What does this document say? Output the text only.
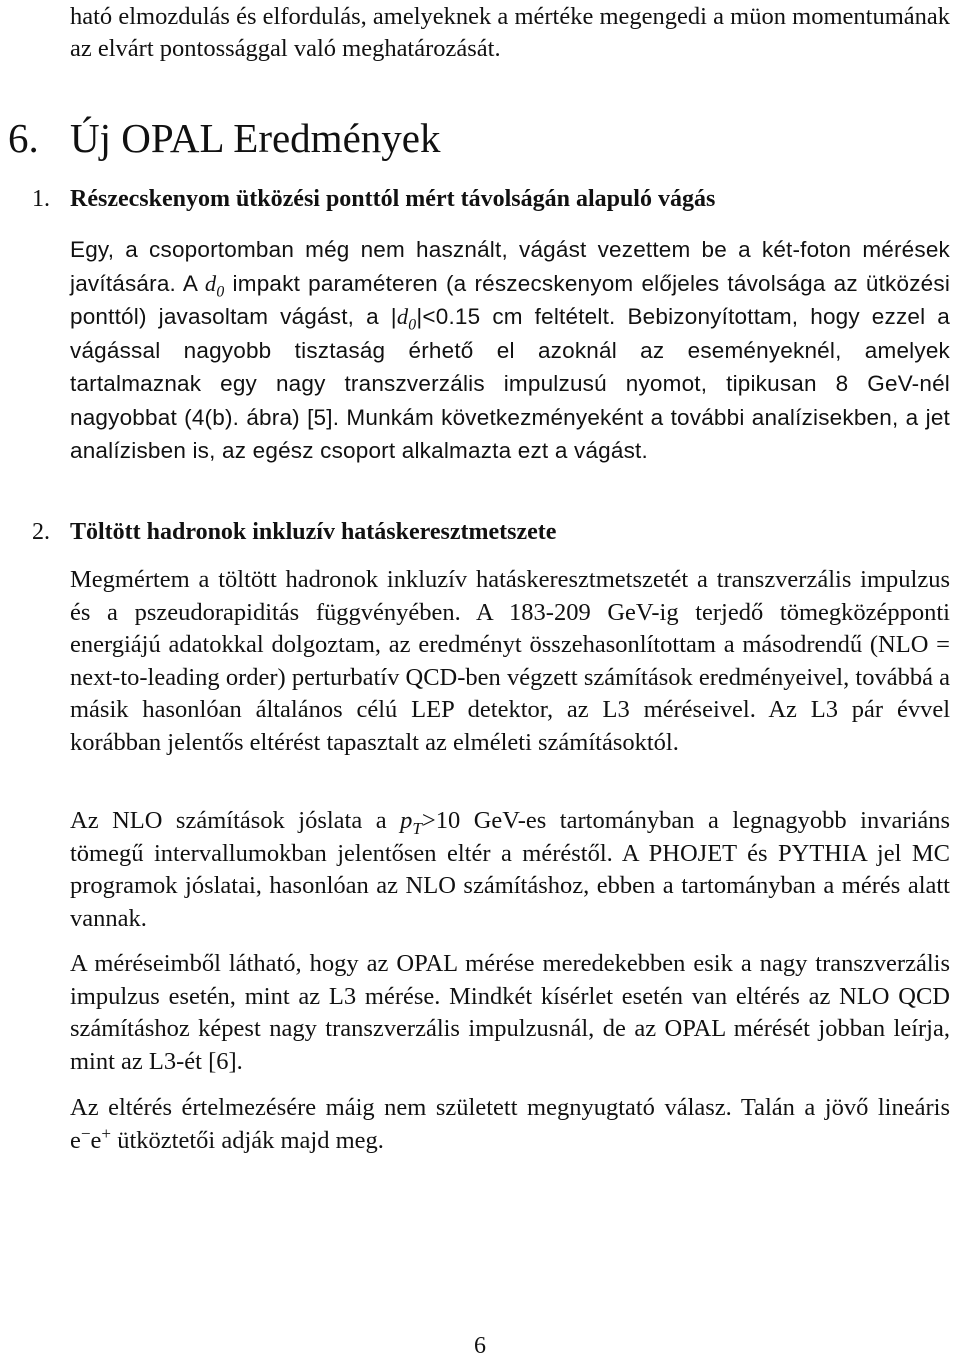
ható elmozdulás és elfordulás, amelyeknek a mértéke megengedi a müon momentumának az elvárt pontossággal való meghatározását.

6. Új OPAL Eredmények
1. Részecskenyom ütközési ponttól mért távolságán alapuló vágás

Egy, a csoportomban még nem használt, vágást vezettem be a két-foton mérések javítására. A $d_0$ impakt paraméteren (a részecskenyom előjeles távolsága az ütközési ponttól) javasoltam vágást, a $|d_0|<0.15$ cm feltételt. Bebizonyítottam, hogy ezzel a vágással nagyobb tisztaság érhető el azoknál az eseményeknél, amelyek tartalmaznak egy nagy transzverzális impulzusú nyomot, tipikusan 8 GeV-nél nagyobbat (4(b). ábra) [5]. Munkám következményeként a további analízisekben, a jet analízisben is, az egész csoport alkalmazta ezt a vágást.

2. Töltött hadronok inkluzív hatáskeresztmetszete

Megmértem a töltött hadronok inkluzív hatáskeresztmetszetét a transzverzális impulzus és a pszeudorapiditás függvényében. A 183-209 GeV-ig terjedő tömegközépponti energiájú adatokkal dolgoztam, az eredményt összehasonlítottam a másodrendű (NLO = next-to-leading order) perturbatív QCD-ben végzett számítások eredményeivel, továbbá a másik hasonlóan általános célú LEP detektor, az L3 méréseivel. Az L3 pár évvel korábban jelentős eltérést tapasztalt az elméleti számításoktól.

Az NLO számítások jóslata a $p_T>10$ GeV-es tartományban a legnagyobb invariáns tömegű intervallumokban jelentősen eltér a méréstől. A PHOJET és PYTHIA jel MC programok jóslatai, hasonlóan az NLO számításhoz, ebben a tartományban a mérés alatt vannak.

A méréseimből látható, hogy az OPAL mérése meredekebben esik a nagy transzverzális impulzus esetén, mint az L3 mérése. Mindkét kísérlet esetén van eltérés az NLO QCD számításhoz képest nagy transzverzális impulzusnál, de az OPAL mérését jobban leírja, mint az L3-ét [6].

Az eltérés értelmezésére máig nem született megnyugtató válasz. Talán a jövő lineáris e−e+ ütköztetői adják majd meg.

6
